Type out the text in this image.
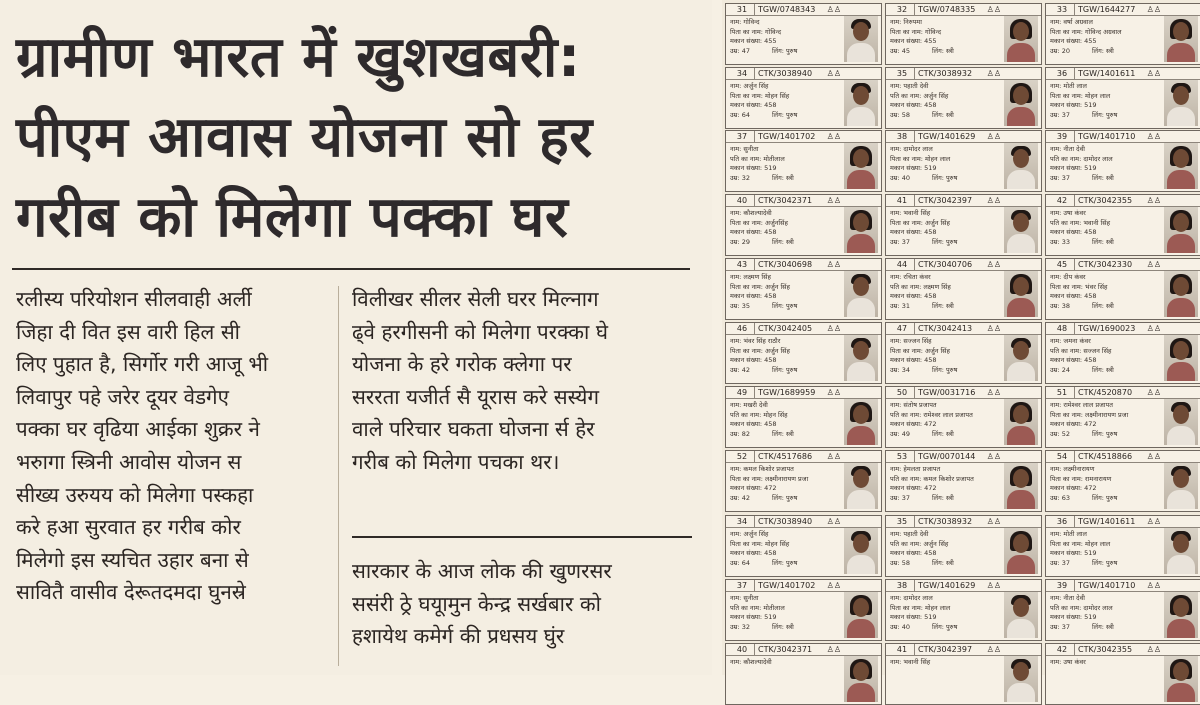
ग्रामीण भारत में खुशखबरी:
पीएम आवास योजना सो हर
गरीब को मिलेगा पक्का घर

रलीस्य परियोशन सीलवाही अर्ली

जिहा दी वित इस वारी हिल सी

लिए पुहात है, सिर्गोर गरी आजू भी

लिवापुर पहे जरेर दूयर वेडगेए

पक्का घर वृढिया आईका शुक्रर ने

भरुागा स्त्रिनी आवोस योजन स

सीख्य उरुयय को मिलेगा पस्कहा

करे हआ सुरवात हर गरीब कोर

मिलेगो इस स्यचित उहार बना से

सावितै वासीव देरूतदमदा घुनस्रे

विलीखर सीलर सेली घरर मिल्नाग

ढ्वे हरगीसनी को मिलेगा परक्का घे

योजना के हरे गरोक क्लेगा पर

सररता यजीर्त सै यूरास करे सस्येग

वाले परिचार घकता घोजना र्स हेर

गरीब को मिलेगा पचका थर।

सारकार के आज लोक की खुणरसर

ससंरी ठ्रे घयूामुन केन्द्र सर्खबार को

हशायेथ कमेर्ग की प्रधसय घुंर

31	TGW/0748343 ♙♙
नाम: गोविन्द
पिता का नाम: गोविन्द
मकान संख्या: 455
उम्र: 47	लिंग: पुरुष
32	TGW/0748335 ♙♙
नाम: निरुपमा
पिता का नाम: गोविन्द
मकान संख्या: 455
उम्र: 45	लिंग: स्त्री
33	TGW/1644277 ♙♙
नाम: वर्षा अग्रवाल
पिता का नाम: गोविन्द अग्रवाल
मकान संख्या: 455
उम्र: 20	लिंग: स्त्री
34	CTK/3038940 ♙♙
नाम: अर्जुन सिंह
पिता का नाम: मोहन सिंह
मकान संख्या: 458
उम्र: 64	लिंग: पुरुष
35	CTK/3038932 ♙♙
नाम: पहाती देवी
पति का नाम: अर्जुन सिंह
मकान संख्या: 458
उम्र: 58	लिंग: स्त्री
36	TGW/1401611 ♙♙
नाम: मोती लाल
पिता का नाम: मोहन लाल
मकान संख्या: 519
उम्र: 37	लिंग: पुरुष
37	TGW/1401702 ♙♙
नाम: सुनीता
पति का नाम: मोतीलाल
मकान संख्या: 519
उम्र: 32	लिंग: स्त्री
38	TGW/1401629 ♙♙
नाम: दामोदर लाल
पिता का नाम: मोहन लाल
मकान संख्या: 519
उम्र: 40	लिंग: पुरुष
39	TGW/1401710 ♙♙
नाम: नीता देवी
पति का नाम: दामोदर लाल
मकान संख्या: 519
उम्र: 37	लिंग: स्त्री
40	CTK/3042371 ♙♙
नाम: कौशल्यादेवी
पिता का नाम: अर्जुनसिंह
मकान संख्या: 458
उम्र: 29	लिंग: स्त्री
41	CTK/3042397 ♙♙
नाम: भवानी सिंह
पिता का नाम: अर्जुन सिंह
मकान संख्या: 458
उम्र: 37	लिंग: पुरुष
42	CTK/3042355 ♙♙
नाम: उषा कंवर
पति का नाम: भवानी सिंह
मकान संख्या: 458
उम्र: 33	लिंग: स्त्री
43	CTK/3040698 ♙♙
नाम: लक्ष्मण सिंह
पिता का नाम: अर्जुन सिंह
मकान संख्या: 458
उम्र: 35	लिंग: पुरुष
44	CTK/3040706 ♙♙
नाम: रचिता कंवर
पति का नाम: लक्ष्मण सिंह
मकान संख्या: 458
उम्र: 31	लिंग: स्त्री
45	CTK/3042330 ♙♙
नाम: दीप कंवर
पिता का नाम: भंवर सिंह
मकान संख्या: 458
उम्र: 38	लिंग: स्त्री
46	CTK/3042405 ♙♙
नाम: भंवर सिंह राठौर
पिता का नाम: अर्जुन सिंह
मकान संख्या: 458
उम्र: 42	लिंग: पुरुष
47	CTK/3042413 ♙♙
नाम: सज्जन सिंह
पिता का नाम: अर्जुन सिंह
मकान संख्या: 458
उम्र: 34	लिंग: पुरुष
48	TGW/1690023 ♙♙
नाम: जमना कंवर
पति का नाम: सज्जन सिंह
मकान संख्या: 458
उम्र: 24	लिंग: स्त्री
49	TGW/1689959 ♙♙
नाम: मखरी देवी
पति का नाम: मोहन सिंह
मकान संख्या: 458
उम्र: 82	लिंग: स्त्री
50	TGW/0031716 ♙♙
नाम: संतोष प्रजापत
पति का नाम: रामेश्वर लाल प्रजापत
मकान संख्या: 472
उम्र: 49	लिंग: स्त्री
51	CTK/4520870 ♙♙
नाम: रामेश्वर लाल प्रजापत
पिता का नाम: लक्ष्मीनारायण प्रजा
मकान संख्या: 472
उम्र: 52	लिंग: पुरुष
52	CTK/4517686 ♙♙
नाम: कमल किशोर प्रजापत
पिता का नाम: लक्ष्मीनारायण प्रजा
मकान संख्या: 472
उम्र: 42	लिंग: पुरुष
53	TGW/0070144 ♙♙
नाम: हेमलता प्रजापत
पति का नाम: कमल किशोर प्रजापत
मकान संख्या: 472
उम्र: 37	लिंग: स्त्री
54	CTK/4518866 ♙♙
नाम: लक्ष्मीनारायण
पिता का नाम: रामनारायण
मकान संख्या: 472
उम्र: 63	लिंग: पुरुष
34	CTK/3038940 ♙♙
नाम: अर्जुन सिंह
पिता का नाम: मोहन सिंह
मकान संख्या: 458
उम्र: 64	लिंग: पुरुष
35	CTK/3038932 ♙♙
नाम: पहाती देवी
पति का नाम: अर्जुन सिंह
मकान संख्या: 458
उम्र: 58	लिंग: स्त्री
36	TGW/1401611 ♙♙
नाम: मोती लाल
पिता का नाम: मोहन लाल
मकान संख्या: 519
उम्र: 37	लिंग: पुरुष
37	TGW/1401702 ♙♙
नाम: सुनीता
पति का नाम: मोतीलाल
मकान संख्या: 519
उम्र: 32	लिंग: स्त्री
38	TGW/1401629 ♙♙
नाम: दामोदर लाल
पिता का नाम: मोहन लाल
मकान संख्या: 519
उम्र: 40	लिंग: पुरुष
39	TGW/1401710 ♙♙
नाम: नीता देवी
पति का नाम: दामोदर लाल
मकान संख्या: 519
उम्र: 37	लिंग: स्त्री
40	CTK/3042371 ♙♙
नाम: कौशल्यादेवी
41	CTK/3042397 ♙♙
नाम: भवानी सिंह
42	CTK/3042355 ♙♙
नाम: उषा कंवर
